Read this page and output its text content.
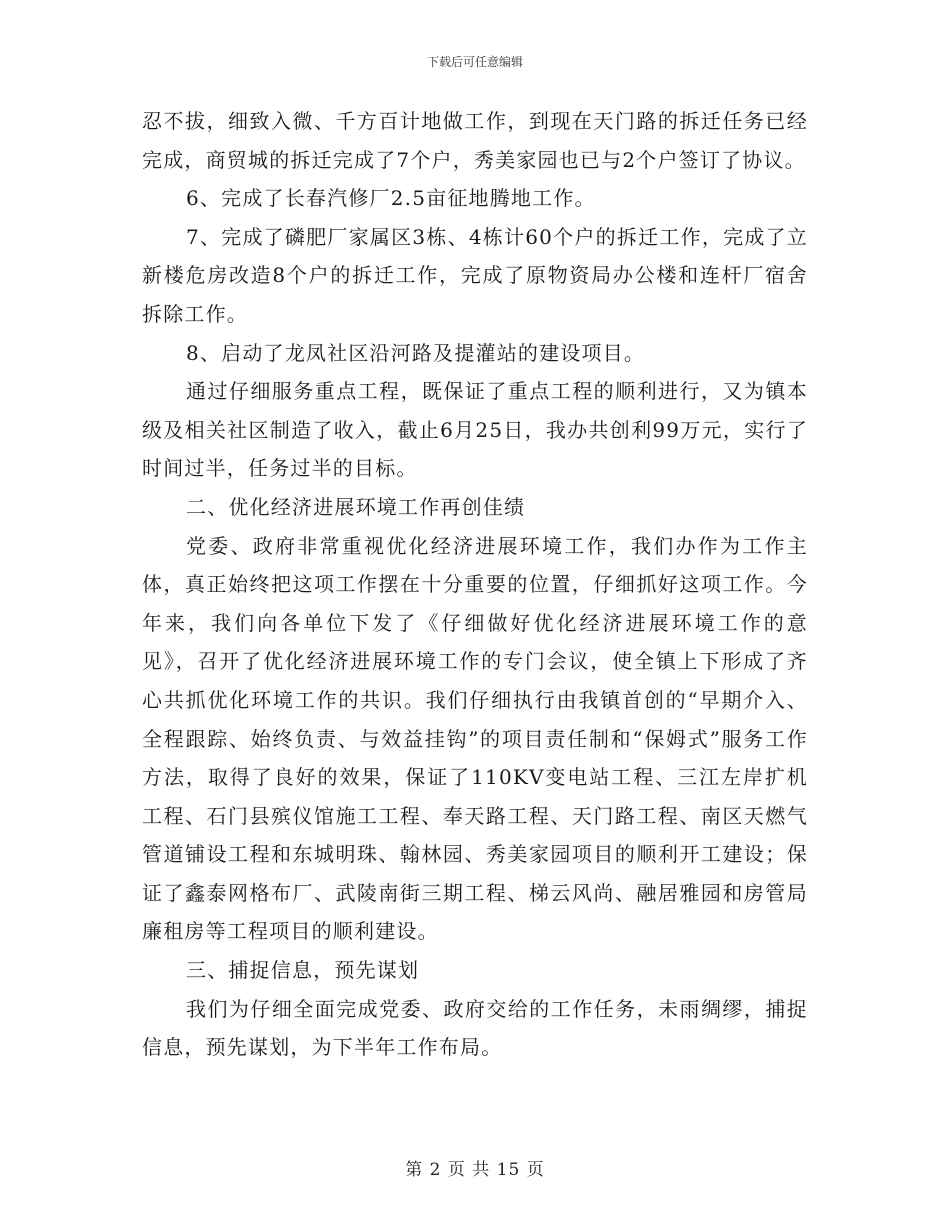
下载后可任意编辑

忍不拔，细致入微、千方百计地做工作，到现在天门路的拆迁任务已经完成，商贸城的拆迁完成了7个户，秀美家园也已与2个户签订了协议。

6、完成了长春汽修厂2.5亩征地腾地工作。

7、完成了磷肥厂家属区3栋、4栋计60个户的拆迁工作，完成了立新楼危房改造8个户的拆迁工作，完成了原物资局办公楼和连杆厂宿舍拆除工作。

8、启动了龙凤社区沿河路及提灌站的建设项目。

通过仔细服务重点工程，既保证了重点工程的顺利进行，又为镇本级及相关社区制造了收入，截止6月25日，我办共创利99万元，实行了时间过半，任务过半的目标。

二、优化经济进展环境工作再创佳绩

党委、政府非常重视优化经济进展环境工作，我们办作为工作主体，真正始终把这项工作摆在十分重要的位置，仔细抓好这项工作。今年来，我们向各单位下发了《仔细做好优化经济进展环境工作的意见》，召开了优化经济进展环境工作的专门会议，使全镇上下形成了齐心共抓优化环境工作的共识。我们仔细执行由我镇首创的“早期介入、全程跟踪、始终负责、与效益挂钩”的项目责任制和“保姆式”服务工作方法，取得了良好的效果，保证了110KV变电站工程、三江左岸扩机工程、石门县殡仪馆施工工程、奉天路工程、天门路工程、南区天燃气管道铺设工程和东城明珠、翰林园、秀美家园项目的顺利开工建设；保证了鑫泰网格布厂、武陵南街三期工程、梯云风尚、融居雅园和房管局廉租房等工程项目的顺利建设。

三、捕捉信息，预先谋划

我们为仔细全面完成党委、政府交给的工作任务，未雨绸缪，捕捉信息，预先谋划，为下半年工作布局。

第 2 页 共 15 页
